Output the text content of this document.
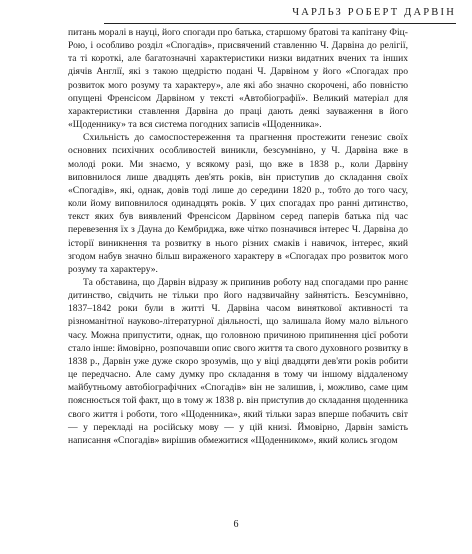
ЧАРЛЬЗ РОБЕРТ ДАРВІН

питань моралі в науці, його спогади про батька, старшому братові та капітану Фіц-Рою, і особливо розділ «Спогадів», присвячений ставленню Ч. Дарвіна до релігії, та ті короткі, але багатозначні характеристики низки видатних вчених та інших діячів Англії, які з такою щедрістю подані Ч. Дарвіном у його «Спогадах про розвиток мого розуму та характеру», але які або значно скорочені, або повністю опущені Френсісом Дарвіном у тексті «Автобіографії». Великий матеріал для характеристики ставлення Дарвіна до праці дають деякі зауваження в його «Щоденнику» та вся система погодних записів «Щоденника».

Схильність до самоспостереження та прагнення простежити генезис своїх основних психічних особливостей виникли, безсумнівно, у Ч. Дарвіна вже в молоді роки. Ми знаємо, у всякому разі, що вже в 1838 р., коли Дарвіну виповнилося лише двадцять дев'ять років, він приступив до складання своїх «Спогадів», які, однак, довів тоді лише до середини 1820 р., тобто до того часу, коли йому виповнилося одинадцять років. У цих спогадах про ранні дитинство, текст яких був виявлений Френсісом Дарвіном серед паперів батька під час перевезення їх з Дауна до Кембриджа, вже чітко позначився інтерес Ч. Дарвіна до історії виникнення та розвитку в нього різних смаків і навичок, інтерес, який згодом набув значно більш вираженого характеру в «Спогадах про розвиток мого розуму та характеру».

Та обставина, що Дарвін відразу ж припинив роботу над спогадами про раннє дитинство, свідчить не тільки про його надзвичайну зайнятість. Безсумнівно, 1837–1842 роки були в житті Ч. Дарвіна часом виняткової активності та різноманітної науково-літературної діяльності, що залишала йому мало вільного часу. Можна припустити, однак, що головною причиною припинення цієї роботи стало інше: ймовірно, розпочавши опис свого життя та свого духовного розвитку в 1838 р., Дарвін уже дуже скоро зрозумів, що у віці двадцяти дев'яти років робити це передчасно. Але саму думку про складання в тому чи іншому віддаленому майбутньому автобіографічних «Спогадів» він не залишив, і, можливо, саме цим пояснюється той факт, що в тому ж 1838 р. він приступив до складання щоденника свого життя і роботи, того «Щоденника», який тільки зараз вперше побачить світ — у перекладі на російську мову — у цій книзі. Ймовірно, Дарвін замість написання «Спогадів» вирішив обмежитися «Щоденником», який колись згодом

6
